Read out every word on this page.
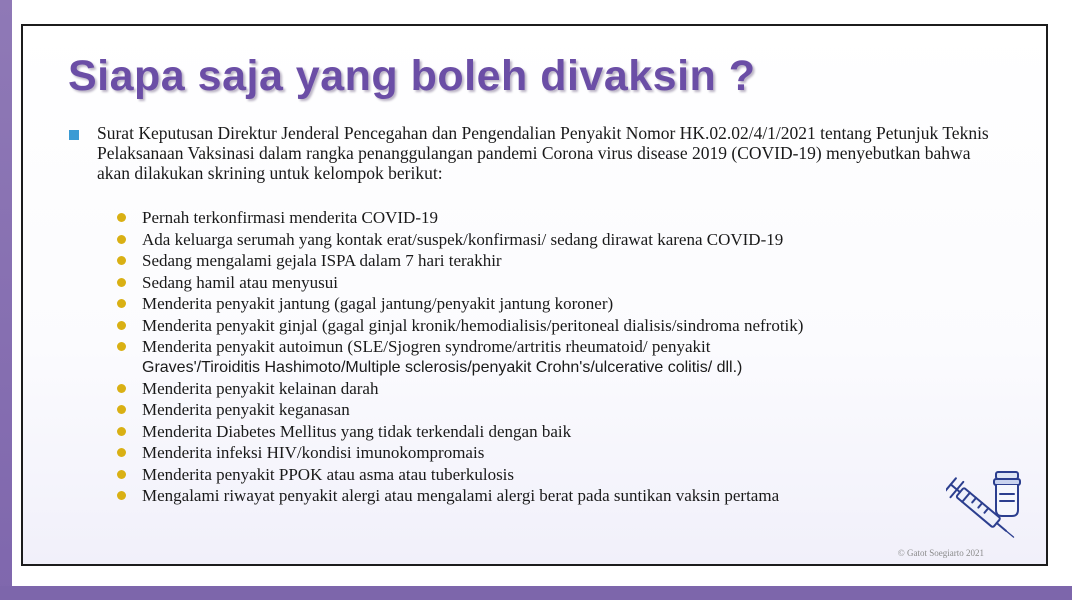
Siapa saja yang boleh divaksin ?

Surat Keputusan Direktur Jenderal Pencegahan dan Pengendalian Penyakit Nomor HK.02.02/4/1/2021 tentang Petunjuk Teknis Pelaksanaan Vaksinasi dalam rangka penanggulangan pandemi Corona virus disease 2019 (COVID-19) menyebutkan bahwa akan dilakukan skrining untuk kelompok berikut:

Pernah terkonfirmasi menderita COVID-19
Ada keluarga serumah yang kontak erat/suspek/konfirmasi/ sedang dirawat karena COVID-19
Sedang mengalami gejala ISPA dalam 7 hari terakhir
Sedang hamil atau menyusui
Menderita penyakit jantung (gagal jantung/penyakit jantung koroner)
Menderita penyakit ginjal (gagal ginjal kronik/hemodialisis/peritoneal dialisis/sindroma nefrotik)
Menderita penyakit autoimun (SLE/Sjogren syndrome/artritis rheumatoid/ penyakit
Graves'/Tiroiditis Hashimoto/Multiple sclerosis/penyakit Crohn's/ulcerative colitis/ dll.)
Menderita penyakit kelainan darah
Menderita penyakit keganasan
Menderita Diabetes Mellitus yang tidak terkendali dengan baik
Menderita infeksi HIV/kondisi imunokompromais
Menderita penyakit PPOK atau asma atau tuberkulosis
Mengalami riwayat penyakit alergi atau mengalami alergi berat pada suntikan vaksin pertama
© Gatot Soegiarto 2021
